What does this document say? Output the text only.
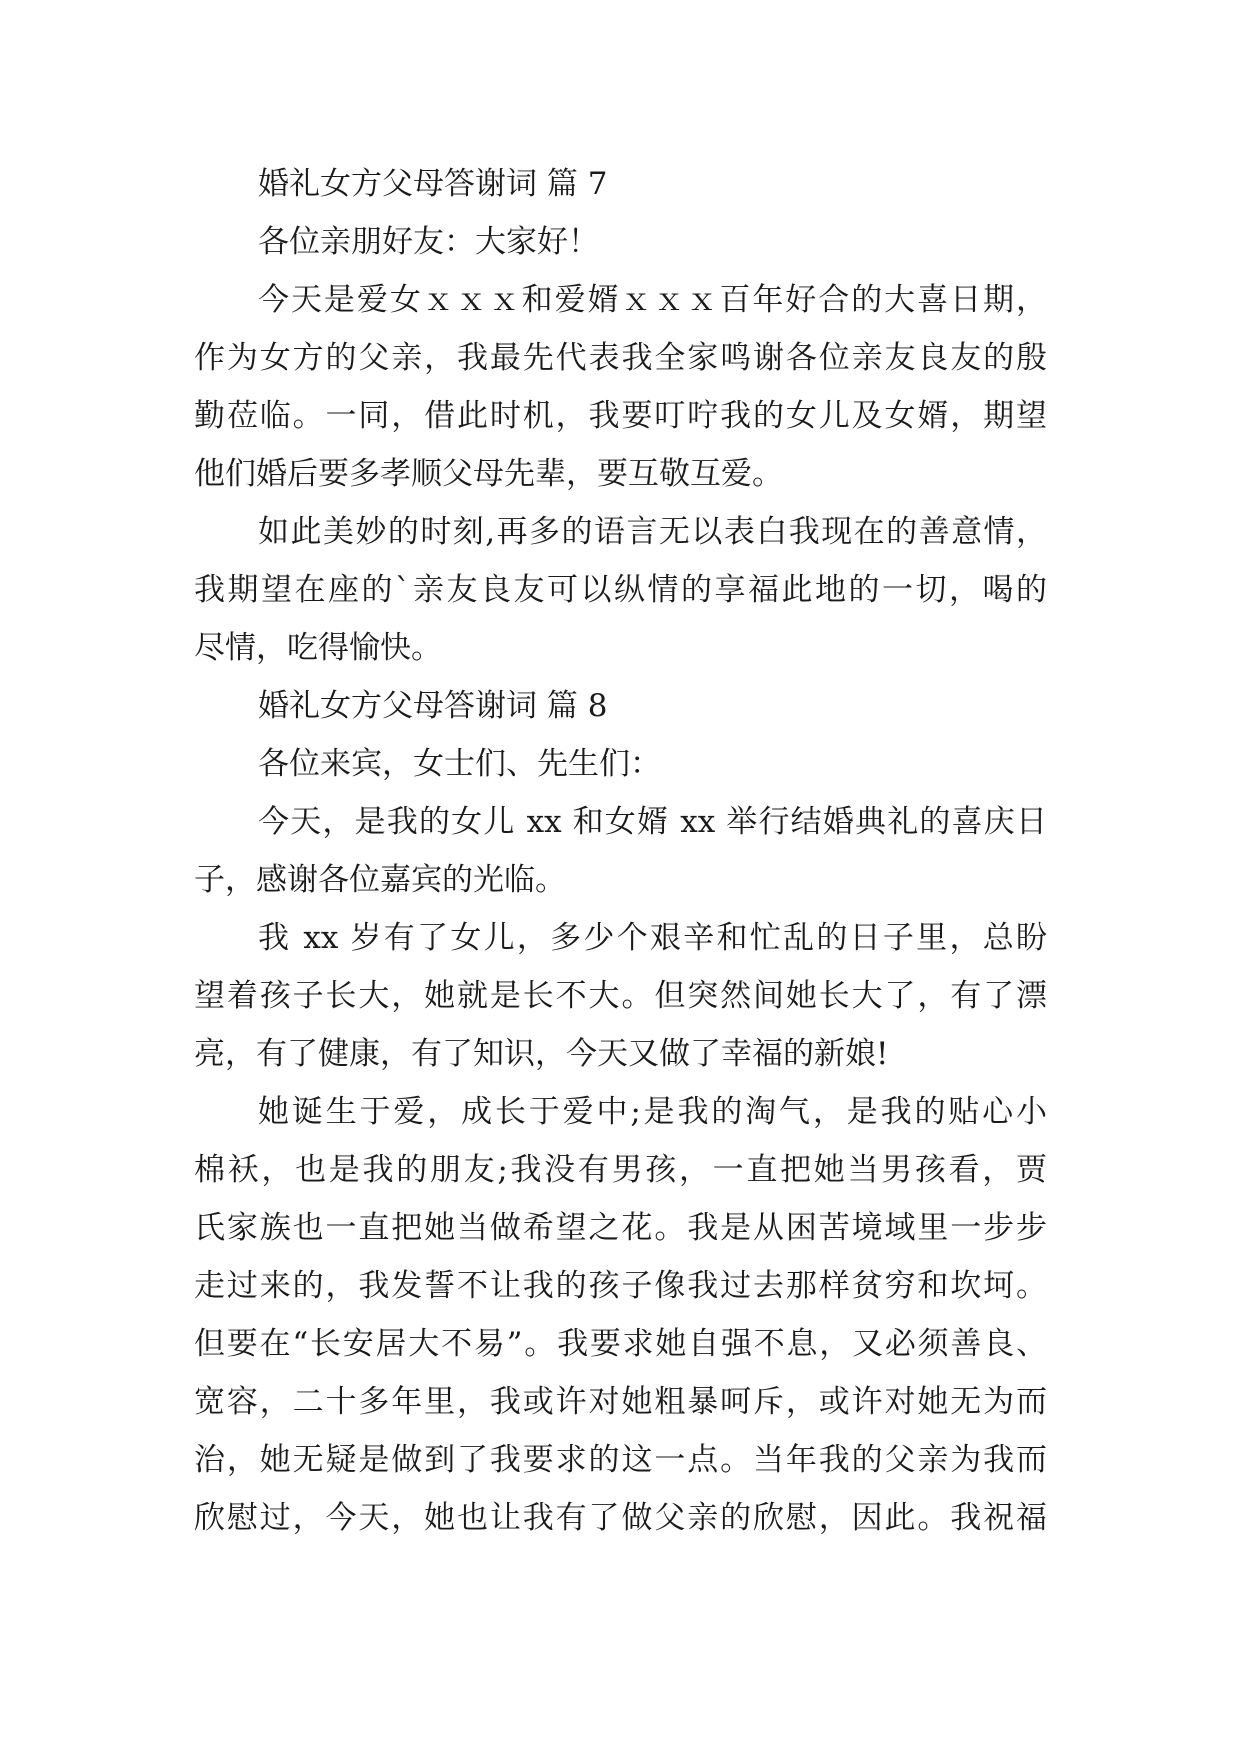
婚礼女方父母答谢词 篇 7

各位亲朋好友：大家好！

今天是爱女ｘｘｘ和爱婿ｘｘｘ百年好合的大喜日期，

作为女方的父亲，我最先代表我全家鸣谢各位亲友良友的殷

勤莅临。一同，借此时机，我要叮咛我的女儿及女婿，期望

他们婚后要多孝顺父母先辈，要互敬互爱。

如此美妙的时刻,再多的语言无以表白我现在的善意情，

我期望在座的`亲友良友可以纵情的享福此地的一切，喝的

尽情，吃得愉快。

婚礼女方父母答谢词 篇 8

各位来宾，女士们、先生们：

今天，是我的女儿 xx 和女婿 xx 举行结婚典礼的喜庆日

子，感谢各位嘉宾的光临。

我 xx 岁有了女儿，多少个艰辛和忙乱的日子里，总盼

望着孩子长大，她就是长不大。但突然间她长大了，有了漂

亮，有了健康，有了知识，今天又做了幸福的新娘!

她诞生于爱，成长于爱中;是我的淘气，是我的贴心小

棉袄，也是我的朋友;我没有男孩，一直把她当男孩看，贾

氏家族也一直把她当做希望之花。我是从困苦境域里一步步

走过来的，我发誓不让我的孩子像我过去那样贫穷和坎坷。

但要在“长安居大不易”。我要求她自强不息，又必须善良、

宽容，二十多年里，我或许对她粗暴呵斥，或许对她无为而

治，她无疑是做到了我要求的这一点。当年我的父亲为我而

欣慰过，今天，她也让我有了做父亲的欣慰，因此。我祝福
